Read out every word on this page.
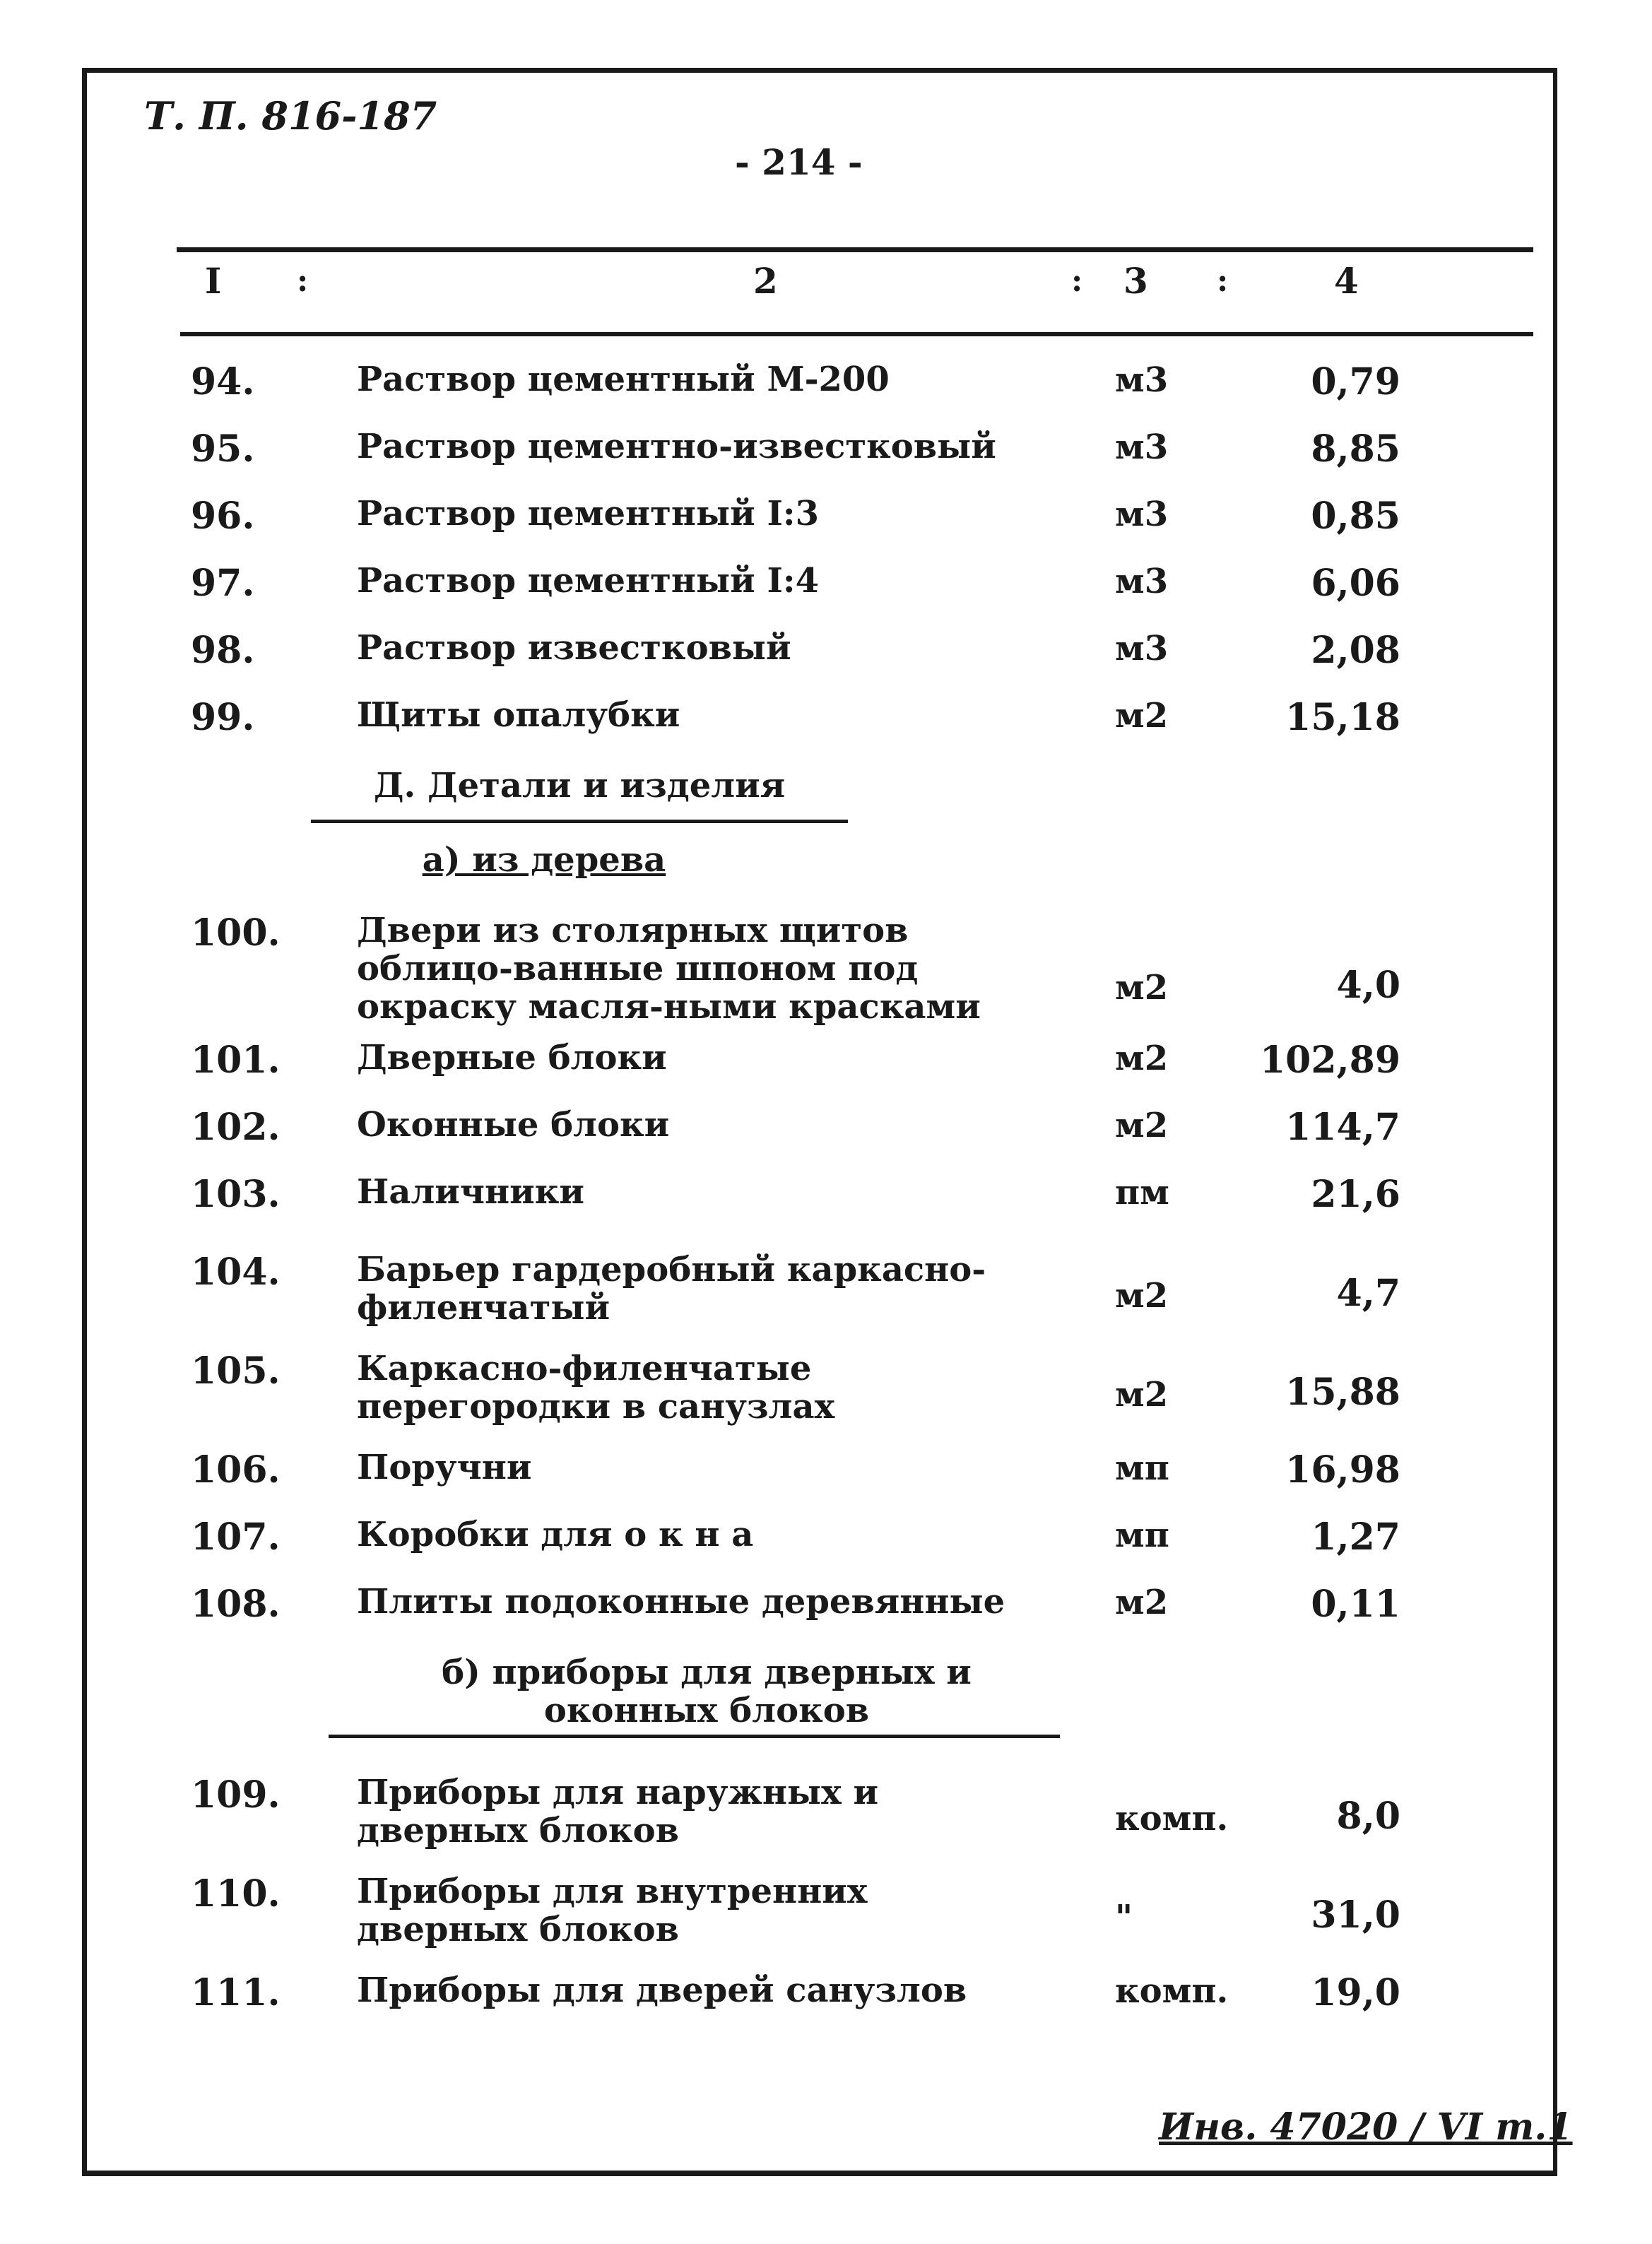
Т. П. 816-187
- 214 -
I :	2	: 3 :	4
94.	Раствор цементный М-200	м3	0,79
95.	Раствор цементно-известковый	м3	8,85
96.	Раствор цементный I:3	м3	0,85
97.	Раствор цементный I:4	м3	6,06
98.	Раствор известковый	м3	2,08
99.	Щиты опалубки	м2	15,18
Д. Детали и изделия
а) из дерева
100. Двери из столярных щитов облицо-ванные шпоном под окраску масля-ными красками	м2	4,0
101. Дверные блоки	м2 102,89
102. Оконные блоки	м2	114,7
103. Наличники	пм	21,6
104. Барьер гардеробный каркасно-филенчатый	м2	4,7
105. Каркасно-филенчатые перегородки в санузлах	м2	15,88
106. Поручни	мп	16,98
107. Коробки для о к н а	мп	1,27
108. Плиты подоконные деревянные	м2	0,11
б) приборы для дверных и оконных блоков
109. Приборы для наружных и дверных блоков	комп.	8,0
110. Приборы для внутренних дверных блоков	"	31,0
111. Приборы для дверей санузлов	комп. 19,0
Инв. 47020 / VI т.1
